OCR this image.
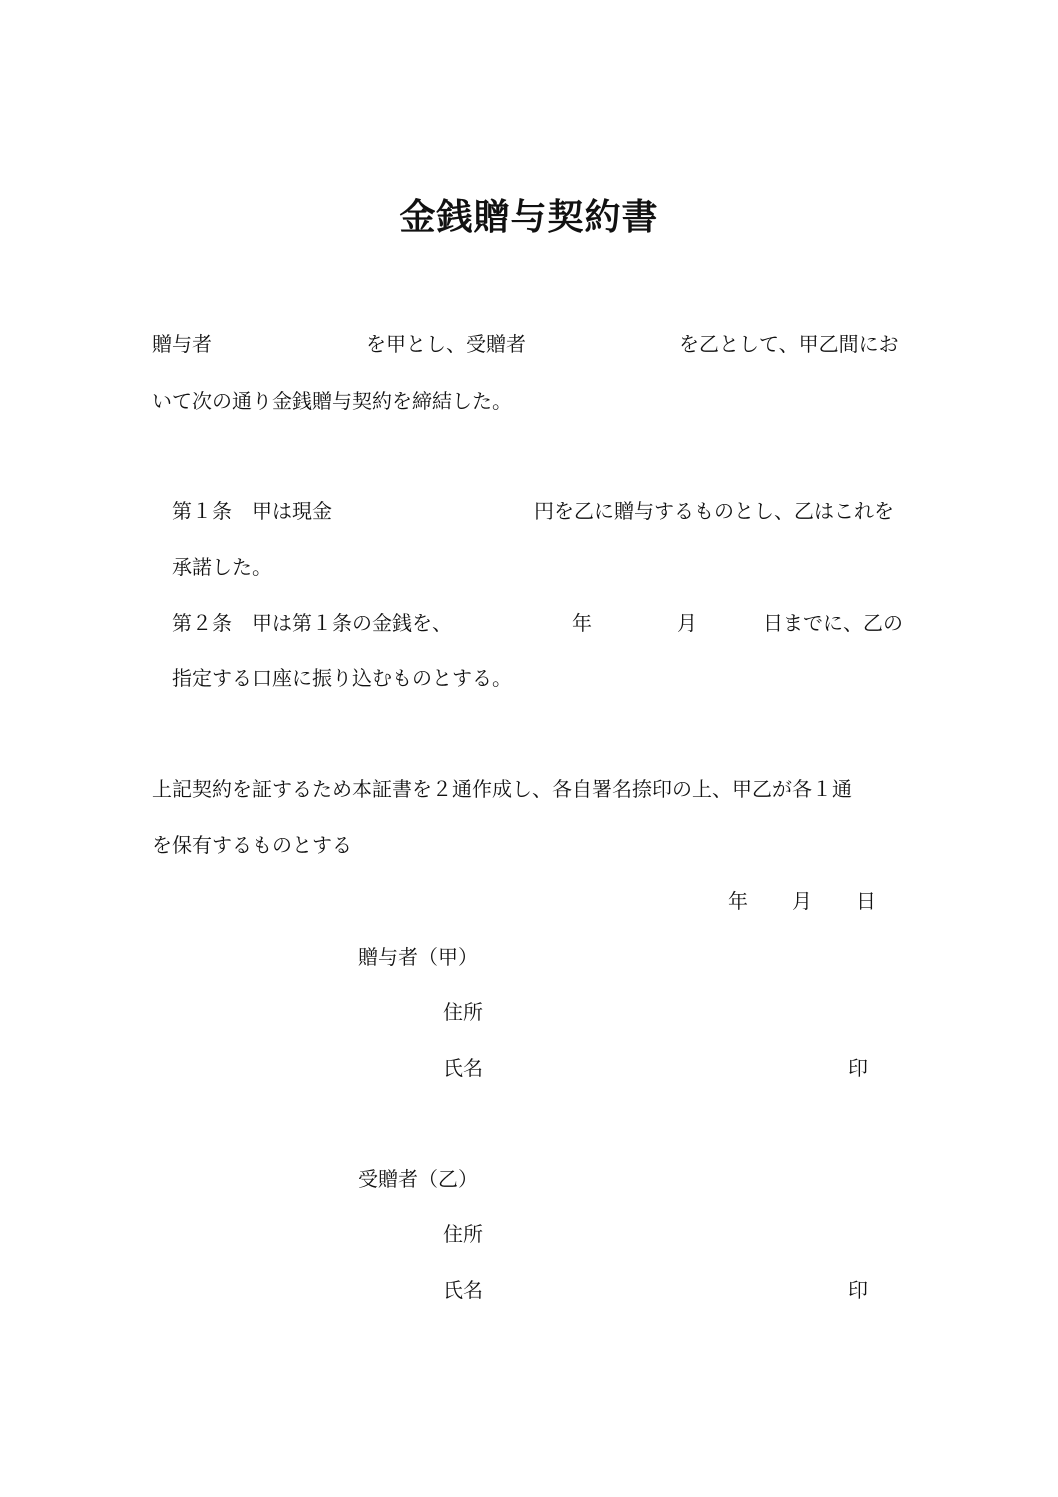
金銭贈与契約書
贈与者	を甲とし、受贈者	を乙として、甲乙間にお
いて次の通り金銭贈与契約を締結した。
第１条　甲は現金	円を乙に贈与するものとし、乙はこれを
承諾した。
第２条　甲は第１条の金銭を、	年	月	日までに、乙の
指定する口座に振り込むものとする。
上記契約を証するため本証書を２通作成し、各自署名捺印の上、甲乙が各１通
を保有するものとする
年 月 日
贈与者（甲）
住所
氏名	印
受贈者（乙）
住所
氏名	印
